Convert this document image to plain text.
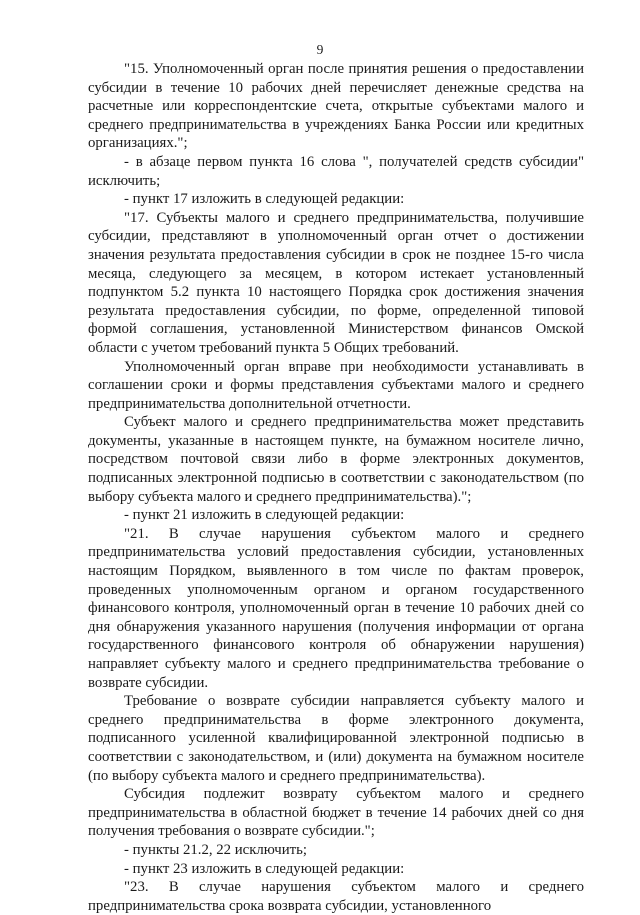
9

"15. Уполномоченный орган после принятия решения о предоставлении субсидии в течение 10 рабочих дней перечисляет денежные средства на расчетные или корреспондентские счета, открытые субъектами малого и среднего предпринимательства в учреждениях Банка России или кредитных организациях.";

- в абзаце первом пункта 16 слова ", получателей средств субсидии" исключить;

- пункт 17 изложить в следующей редакции:

"17. Субъекты малого и среднего предпринимательства, получившие субсидии, представляют в уполномоченный орган отчет о достижении значения результата предоставления субсидии в срок не позднее 15-го числа месяца, следующего за месяцем, в котором истекает установленный подпунктом 5.2 пункта 10 настоящего Порядка срок достижения значения результата предоставления субсидии, по форме, определенной типовой формой соглашения, установленной Министерством финансов Омской области с учетом требований пункта 5 Общих требований.

Уполномоченный орган вправе при необходимости устанавливать в соглашении сроки и формы представления субъектами малого и среднего предпринимательства дополнительной отчетности.

Субъект малого и среднего предпринимательства может представить документы, указанные в настоящем пункте, на бумажном носителе лично, посредством почтовой связи либо в форме электронных документов, подписанных электронной подписью в соответствии с законодательством (по выбору субъекта малого и среднего предпринимательства).";

- пункт 21 изложить в следующей редакции:

"21. В случае нарушения субъектом малого и среднего предпринимательства условий предоставления субсидии, установленных настоящим Порядком, выявленного в том числе по фактам проверок, проведенных уполномоченным органом и органом государственного финансового контроля, уполномоченный орган в течение 10 рабочих дней со дня обнаружения указанного нарушения (получения информации от органа государственного финансового контроля об обнаружении нарушения) направляет субъекту малого и среднего предпринимательства требование о возврате субсидии.

Требование о возврате субсидии направляется субъекту малого и среднего предпринимательства в форме электронного документа, подписанного усиленной квалифицированной электронной подписью в соответствии с законодательством, и (или) документа на бумажном носителе (по выбору субъекта малого и среднего предпринимательства).

Субсидия подлежит возврату субъектом малого и среднего предпринимательства в областной бюджет в течение 14 рабочих дней со дня получения требования о возврате субсидии.";

- пункты 21.2, 22 исключить;

- пункт 23 изложить в следующей редакции:

"23. В случае нарушения субъектом малого и среднего предпринимательства срока возврата субсидии, установленного
